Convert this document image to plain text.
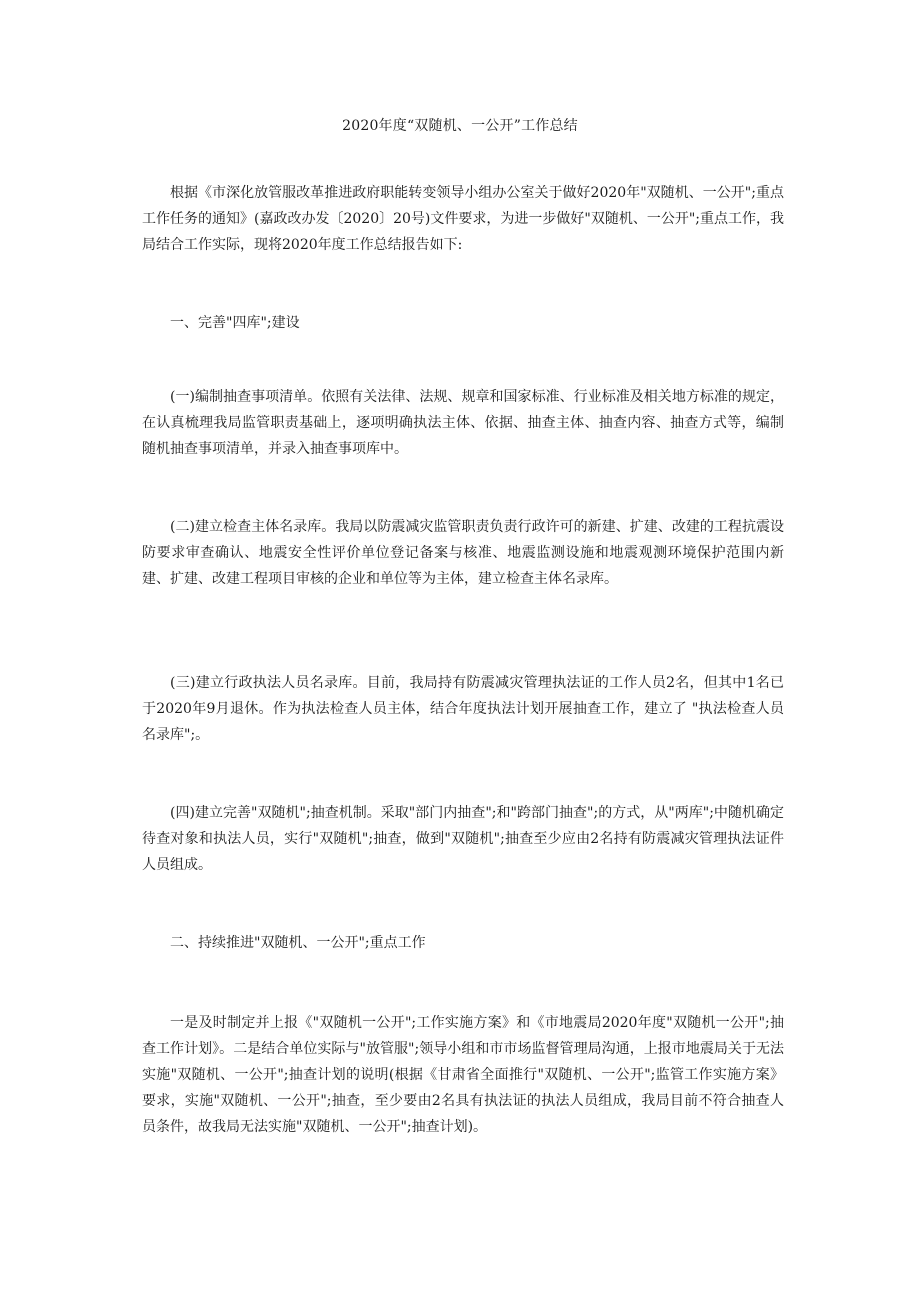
2020年度“双随机、一公开”工作总结

根据《市深化放管服改革推进政府职能转变领导小组办公室关于做好2020年"双随机、一公开";重点工作任务的通知》(嘉政改办发〔2020〕20号)文件要求，为进一步做好"双随机、一公开";重点工作，我局结合工作实际，现将2020年度工作总结报告如下:

一、完善"四库";建设

(一)编制抽查事项清单。依照有关法律、法规、规章和国家标准、行业标准及相关地方标准的规定，在认真梳理我局监管职责基础上，逐项明确执法主体、依据、抽查主体、抽查内容、抽查方式等，编制随机抽查事项清单，并录入抽查事项库中。

(二)建立检查主体名录库。我局以防震减灾监管职责负责行政许可的新建、扩建、改建的工程抗震设防要求审查确认、地震安全性评价单位登记备案与核准、地震监测设施和地震观测环境保护范围内新建、扩建、改建工程项目审核的企业和单位等为主体，建立检查主体名录库。

(三)建立行政执法人员名录库。目前，我局持有防震减灾管理执法证的工作人员2名，但其中1名已于2020年9月退休。作为执法检查人员主体，结合年度执法计划开展抽查工作，建立了 "执法检查人员名录库";。

(四)建立完善"双随机";抽查机制。采取"部门内抽查";和"跨部门抽查";的方式，从"两库";中随机确定待查对象和执法人员，实行"双随机";抽查，做到"双随机";抽查至少应由2名持有防震减灾管理执法证件人员组成。

二、持续推进"双随机、一公开";重点工作

一是及时制定并上报《"双随机一公开";工作实施方案》和《市地震局2020年度"双随机一公开";抽查工作计划》。二是结合单位实际与"放管服";领导小组和市市场监督管理局沟通，上报市地震局关于无法实施"双随机、一公开";抽查计划的说明(根据《甘肃省全面推行"双随机、一公开";监管工作实施方案》要求，实施"双随机、一公开";抽查，至少要由2名具有执法证的执法人员组成，我局目前不符合抽查人员条件，故我局无法实施"双随机、一公开";抽查计划)。
